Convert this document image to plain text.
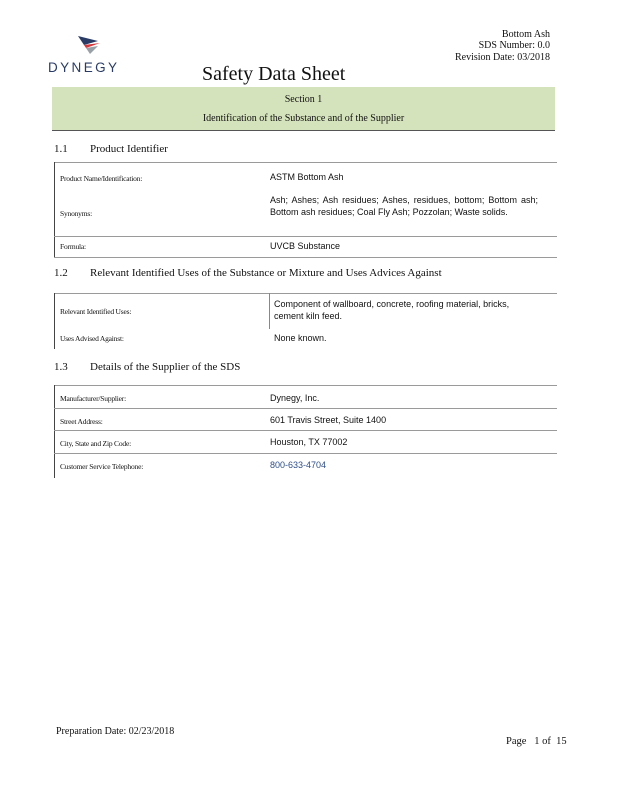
DYNEGY
Bottom Ash
SDS Number: 0.0
Revision Date: 03/2018
Safety Data Sheet
Section 1
Identification of the Substance and of the Supplier
1.1 Product Identifier
Product Name/Identification:	ASTM Bottom Ash
Synonyms:
Ash; Ashes; Ash residues; Ashes, residues, bottom; Bottom ash; Bottom ash residues; Coal Fly Ash; Pozzolan; Waste solids.
Formula:	UVCB Substance
1.2 Relevant Identified Uses of the Substance or Mixture and Uses Advices Against
Relevant Identified Uses:
Component of wallboard, concrete, roofing material, bricks, cement kiln feed.
Uses Advised Against:	None known.
1.3 Details of the Supplier of the SDS
Manufacturer/Supplier:	Dynegy, Inc.
Street Address:	601 Travis Street, Suite 1400
City, State and Zip Code:	Houston, TX 77002
Customer Service Telephone:	800-633-4704
Preparation Date: 02/23/2018
Page   1 of  15
